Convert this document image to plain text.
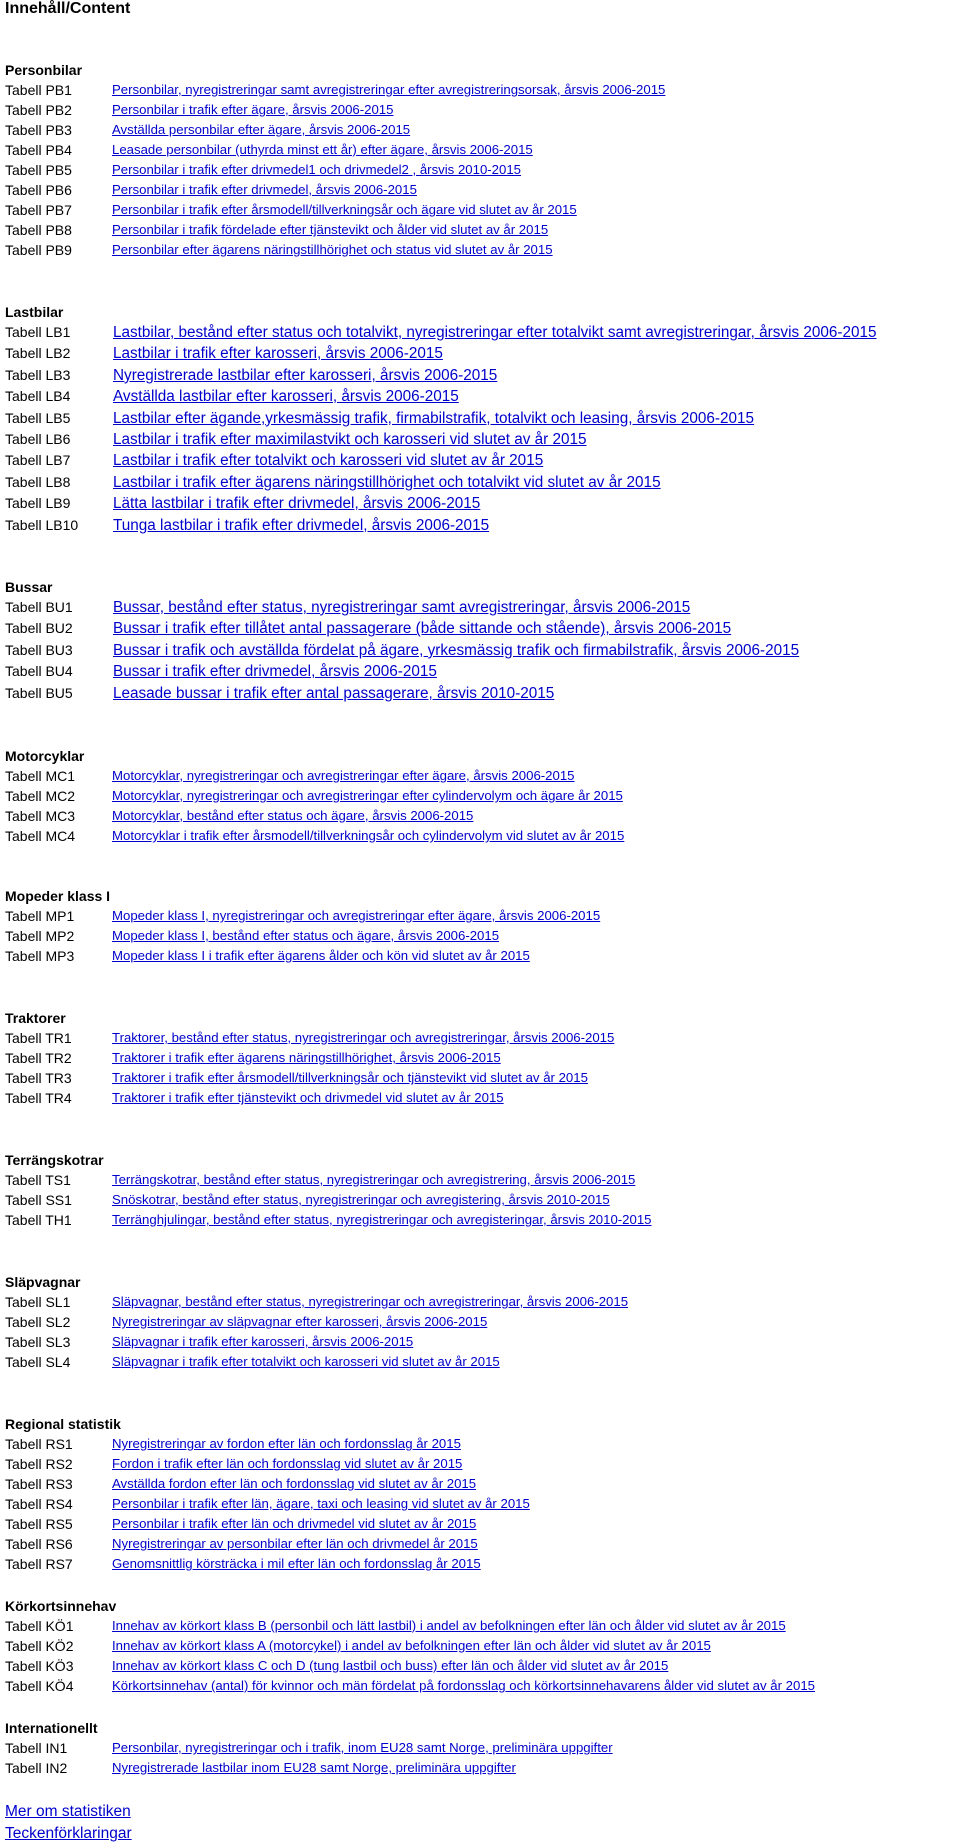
Innehåll/Content
Personbilar
Tabell PB1	Personbilar, nyregistreringar samt avregistreringar efter avregistreringsorsak, årsvis 2006-2015
Tabell PB2	Personbilar i trafik efter ägare, årsvis 2006-2015
Tabell PB3	Avställda personbilar efter ägare, årsvis 2006-2015
Tabell PB4	Leasade personbilar (uthyrda minst ett år) efter ägare, årsvis 2006-2015
Tabell PB5	Personbilar i trafik efter drivmedel1 och drivmedel2 , årsvis 2010-2015
Tabell PB6	Personbilar i trafik efter drivmedel, årsvis 2006-2015
Tabell PB7	Personbilar i trafik efter årsmodell/tillverkningsår och ägare vid slutet av år 2015
Tabell PB8	Personbilar i trafik fördelade efter tjänstevikt och ålder vid slutet av år 2015
Tabell PB9	Personbilar efter ägarens näringstillhörighet och status vid slutet av år 2015
Lastbilar
Tabell LB1	Lastbilar, bestånd efter status och totalvikt, nyregistreringar efter totalvikt samt avregistreringar, årsvis 2006-2015
Tabell LB2	Lastbilar i trafik efter karosseri, årsvis 2006-2015
Tabell LB3	Nyregistrerade lastbilar efter karosseri, årsvis 2006-2015
Tabell LB4	Avställda lastbilar efter karosseri, årsvis 2006-2015
Tabell LB5	Lastbilar efter ägande,yrkesmässig trafik, firmabilstrafik, totalvikt och leasing, årsvis 2006-2015
Tabell LB6	Lastbilar i trafik efter maximilastvikt och karosseri vid slutet av år 2015
Tabell LB7	Lastbilar i trafik efter totalvikt och karosseri vid slutet av år 2015
Tabell LB8	Lastbilar i trafik efter ägarens näringstillhörighet och totalvikt vid slutet av år 2015
Tabell LB9	Lätta lastbilar i trafik efter drivmedel, årsvis 2006-2015
Tabell LB10 Tunga lastbilar i trafik efter drivmedel, årsvis 2006-2015
Bussar
Tabell BU1	Bussar, bestånd efter status, nyregistreringar samt avregistreringar, årsvis 2006-2015
Tabell BU2	Bussar i trafik efter tillåtet antal passagerare (både sittande och stående), årsvis 2006-2015
Tabell BU3	Bussar i trafik och avställda fördelat på ägare, yrkesmässig trafik och firmabilstrafik, årsvis 2006-2015
Tabell BU4	Bussar i trafik efter drivmedel, årsvis 2006-2015
Tabell BU5	Leasade bussar i trafik efter antal passagerare, årsvis 2010-2015
Motorcyklar
Tabell MC1	Motorcyklar, nyregistreringar och avregistreringar efter ägare, årsvis 2006-2015
Tabell MC2	Motorcyklar, nyregistreringar och avregistreringar efter cylindervolym och ägare år 2015
Tabell MC3	Motorcyklar, bestånd efter status och ägare, årsvis 2006-2015
Tabell MC4	Motorcyklar i trafik efter årsmodell/tillverkningsår och cylindervolym vid slutet av år 2015
Mopeder klass I
Tabell MP1	Mopeder klass I, nyregistreringar och avregistreringar efter ägare, årsvis 2006-2015
Tabell MP2	Mopeder klass I, bestånd efter status och ägare, årsvis 2006-2015
Tabell MP3	Mopeder klass I i trafik efter ägarens ålder och kön vid slutet av år 2015
Traktorer
Tabell TR1	Traktorer, bestånd efter status, nyregistreringar och avregistreringar, årsvis 2006-2015
Tabell TR2	Traktorer i trafik efter ägarens näringstillhörighet, årsvis 2006-2015
Tabell TR3	Traktorer i trafik efter årsmodell/tillverkningsår och tjänstevikt vid slutet av år 2015
Tabell TR4	Traktorer i trafik efter tjänstevikt och drivmedel vid slutet av år 2015
Terrängskotrar
Tabell TS1	Terrängskotrar, bestånd efter status, nyregistreringar och avregistrering, årsvis 2006-2015
Tabell SS1	Snöskotrar, bestånd efter status, nyregistreringar och avregistering, årsvis 2010-2015
Tabell TH1	Terränghjulingar, bestånd efter status, nyregistreringar och avregisteringar, årsvis 2010-2015
Släpvagnar
Tabell SL1	Släpvagnar, bestånd efter status, nyregistreringar och avregistreringar, årsvis 2006-2015
Tabell SL2	Nyregistreringar av släpvagnar efter karosseri, årsvis 2006-2015
Tabell SL3	Släpvagnar i trafik efter karosseri, årsvis 2006-2015
Tabell SL4	Släpvagnar i trafik efter totalvikt och karosseri vid slutet av år 2015
Regional statistik
Tabell RS1	Nyregistreringar av fordon efter län och fordonsslag år 2015
Tabell RS2	Fordon i trafik efter län och fordonsslag vid slutet av år 2015
Tabell RS3	Avställda fordon efter län och fordonsslag vid slutet av år 2015
Tabell RS4	Personbilar i trafik efter län, ägare, taxi och leasing vid slutet av år 2015
Tabell RS5	Personbilar i trafik efter län och drivmedel vid slutet av år 2015
Tabell RS6	Nyregistreringar av personbilar efter län och drivmedel år 2015
Tabell RS7	Genomsnittlig körsträcka i mil efter län och fordonsslag år 2015
Körkortsinnehav
Tabell KÖ1	Innehav av körkort klass B (personbil och lätt lastbil) i andel av befolkningen efter län och ålder vid slutet av år 2015
Tabell KÖ2	Innehav av körkort klass A (motorcykel) i andel av befolkningen efter län och ålder vid slutet av år 2015
Tabell KÖ3	Innehav av körkort klass C och D (tung lastbil och buss) efter län och ålder vid slutet av år 2015
Tabell KÖ4	Körkortsinnehav (antal) för kvinnor och män fördelat på fordonsslag och körkortsinnehavarens ålder vid slutet av år 2015
Internationellt
Tabell IN1	Personbilar, nyregistreringar och i trafik, inom EU28 samt Norge, preliminära uppgifter
Tabell IN2	Nyregistrerade lastbilar inom EU28 samt Norge, preliminära uppgifter
Mer om statistiken
Teckenförklaringar
